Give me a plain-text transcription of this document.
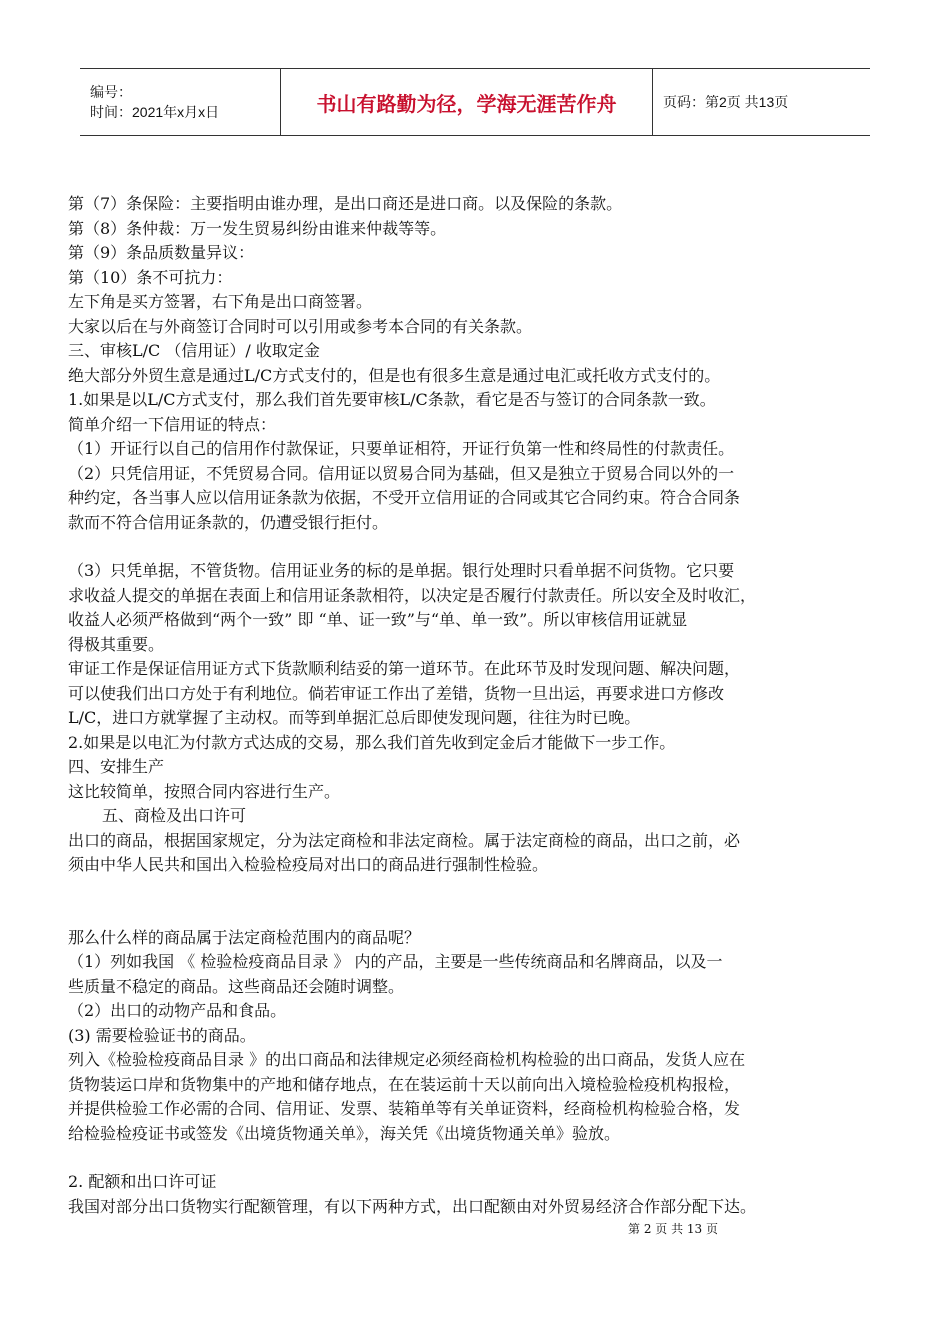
编号：
时间：2021年x月x日	书山有路勤为径，学海无涯苦作舟	页码：第2页 共13页

第（7）条保险：主要指明由谁办理，是出口商还是进口商。以及保险的条款。

第（8）条仲裁：万一发生贸易纠纷由谁来仲裁等等。

第（9）条品质数量异议：

第（10）条不可抗力：

左下角是买方签署，右下角是出口商签署。

大家以后在与外商签订合同时可以引用或参考本合同的有关条款。

三、审核L/C （信用证）/ 收取定金

绝大部分外贸生意是通过L/C方式支付的，但是也有很多生意是通过电汇或托收方式支付的。

1.如果是以L/C方式支付，那么我们首先要审核L/C条款，看它是否与签订的合同条款一致。

简单介绍一下信用证的特点：

（1）开证行以自己的信用作付款保证，只要单证相符，开证行负第一性和终局性的付款责任。

（2）只凭信用证，不凭贸易合同。信用证以贸易合同为基础，但又是独立于贸易合同以外的一

种约定，各当事人应以信用证条款为依据，不受开立信用证的合同或其它合同约束。符合合同条

款而不符合信用证条款的，仍遭受银行拒付。

（3）只凭单据，不管货物。信用证业务的标的是单据。银行处理时只看单据不问货物。它只要

求收益人提交的单据在表面上和信用证条款相符，以决定是否履行付款责任。所以安全及时收汇，

收益人必须严格做到“两个一致” 即 “单、证一致”与“单、单一致”。所以审核信用证就显

得极其重要。

审证工作是保证信用证方式下货款顺利结妥的第一道环节。在此环节及时发现问题、解决问题，

可以使我们出口方处于有利地位。倘若审证工作出了差错，货物一旦出运，再要求进口方修改

L/C，进口方就掌握了主动权。而等到单据汇总后即使发现问题，往往为时已晚。

2.如果是以电汇为付款方式达成的交易，那么我们首先收到定金后才能做下一步工作。

四、安排生产

这比较简单，按照合同内容进行生产。

五、商检及出口许可

出口的商品，根据国家规定，分为法定商检和非法定商检。属于法定商检的商品，出口之前，必

须由中华人民共和国出入检验检疫局对出口的商品进行强制性检验。

那么什么样的商品属于法定商检范围内的商品呢？

（1）列如我国 《 检验检疫商品目录 》 内的产品，主要是一些传统商品和名牌商品，以及一

些质量不稳定的商品。这些商品还会随时调整。

（2）出口的动物产品和食品。

(3) 需要检验证书的商品。

列入《检验检疫商品目录 》的出口商品和法律规定必须经商检机构检验的出口商品，发货人应在

货物装运口岸和货物集中的产地和储存地点，在在装运前十天以前向出入境检验检疫机构报检，

并提供检验工作必需的合同、信用证、发票、装箱单等有关单证资料，经商检机构检验合格，发

给检验检疫证书或签发《出境货物通关单》，海关凭《出境货物通关单》验放。

2. 配额和出口许可证

我国对部分出口货物实行配额管理，有以下两种方式，出口配额由对外贸易经济合作部分配下达。

第 2 页 共 13 页
